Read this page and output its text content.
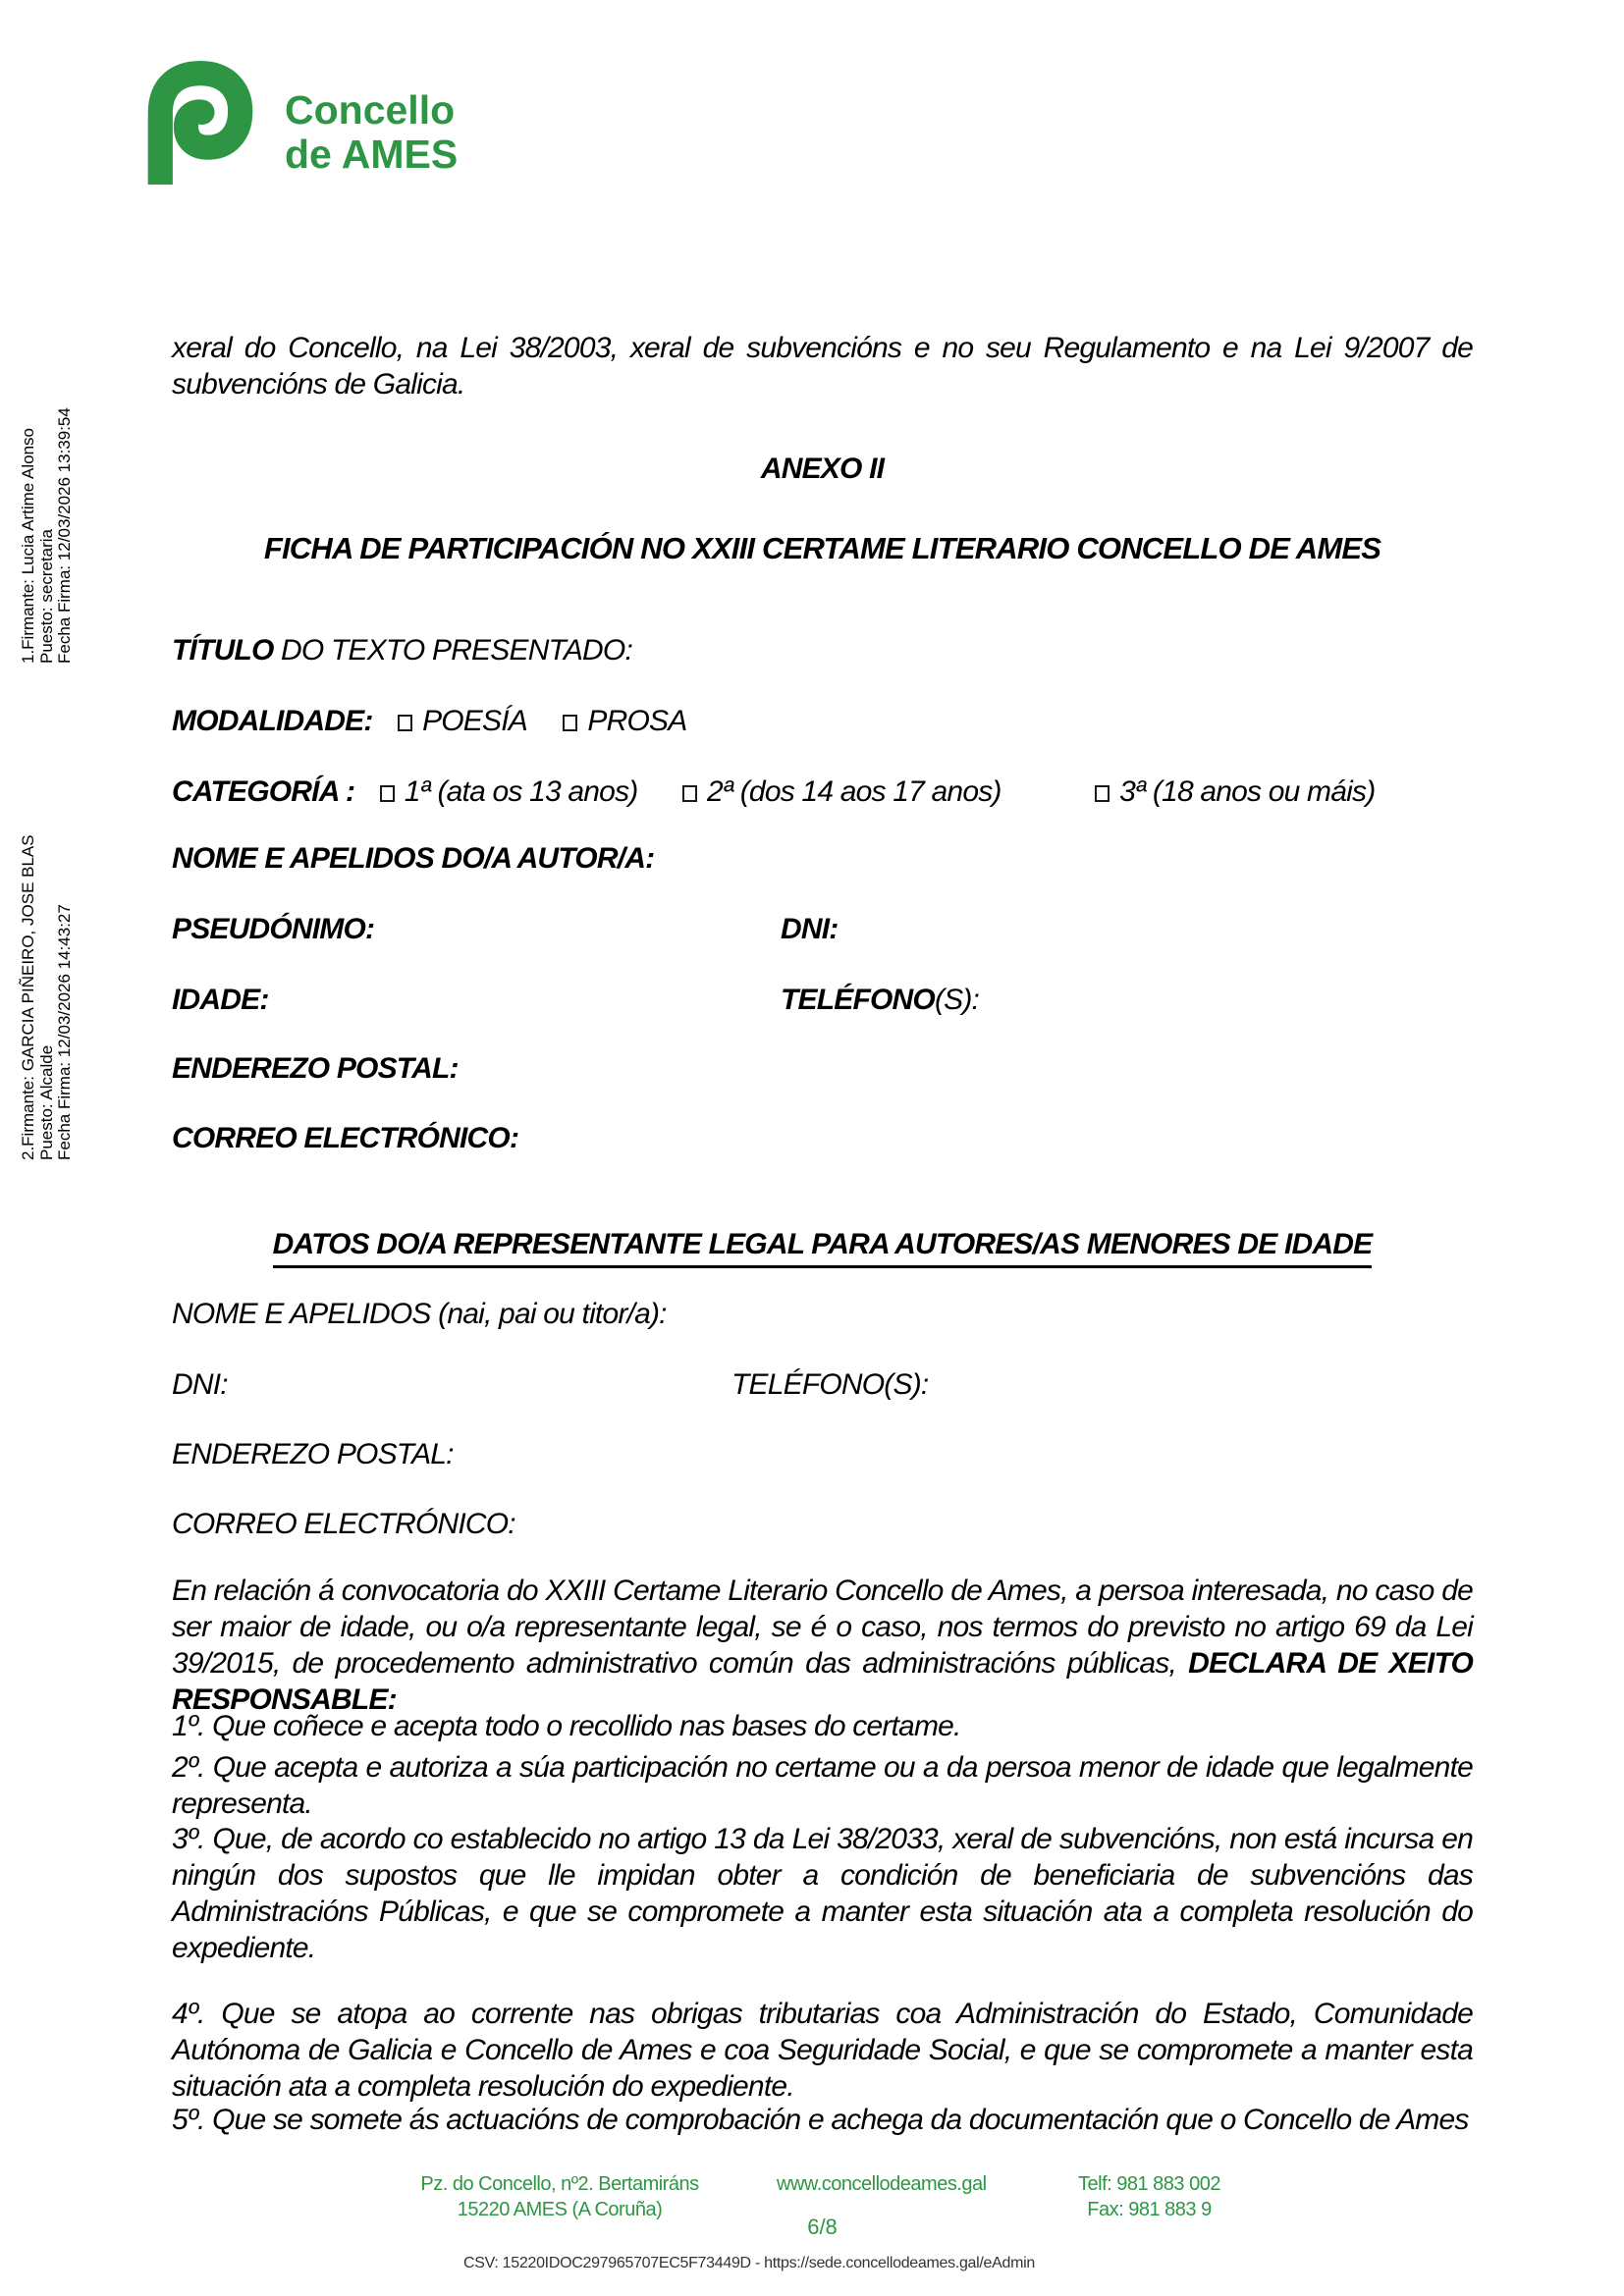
Concello
de AMES
1.Firmante: Lucia Artime Alonso Puesto: secretaria Fecha Firma: 12/03/2026 13:39:54
2.Firmante: GARCIA PIÑEIRO, JOSE BLAS Puesto: Alcalde Fecha Firma: 12/03/2026 14:43:27

xeral do Concello, na Lei 38/2003, xeral de subvencións e no seu Regulamento e na Lei 9/2007 de subvencións de Galicia.

ANEXO II
FICHA DE PARTICIPACIÓN NO XXIII CERTAME LITERARIO CONCELLO DE AMES
TÍTULO DO TEXTO PRESENTADO:
MODALIDADE: POESÍA PROSA
CATEGORÍA : 1ª (ata os 13 anos) 2ª (dos 14 aos 17 anos)	3ª (18 anos ou máis)
NOME E APELIDOS DO/A AUTOR/A:
PSEUDÓNIMO:	DNI:
IDADE:	TELÉFONO(S):
ENDEREZO POSTAL:
CORREO ELECTRÓNICO:
DATOS DO/A REPRESENTANTE LEGAL PARA AUTORES/AS MENORES DE IDADE
NOME E APELIDOS (nai, pai ou titor/a):
DNI:	TELÉFONO(S):
ENDEREZO POSTAL:
CORREO ELECTRÓNICO:

En relación á convocatoria do XXIII Certame Literario Concello de Ames, a persoa interesada, no caso de ser maior de idade, ou o/a representante legal, se é o caso, nos termos do previsto no artigo 69 da Lei 39/2015, de procedemento administrativo común das administracións públicas, DECLARA DE XEITO RESPONSABLE:

1º. Que coñece e acepta todo o recollido nas bases do certame.

2º. Que acepta e autoriza a súa participación no certame ou a da persoa menor de idade que legalmente representa.

3º. Que, de acordo co establecido no artigo 13 da Lei 38/2033, xeral de subvencións, non está incursa en ningún dos supostos que lle impidan obter a condición de beneficiaria de subvencións das Administracións Públicas, e que se compromete a manter esta situación ata a completa resolución do expediente.

4º. Que se atopa ao corrente nas obrigas tributarias coa Administración do Estado, Comunidade Autónoma de Galicia e Concello de Ames e coa Seguridade Social, e que se compromete a manter esta situación ata a completa resolución do expediente.

5º. Que se somete ás actuacións de comprobación e achega da documentación que o Concello de Ames

Pz. do Concello, nº2. Bertamiráns
15220 AMES (A Coruña)
www.concellodeames.gal	Telf: 981 883 002
Fax: 981 883 9
6/8
CSV: 15220IDOC297965707EC5F73449D - https://sede.concellodeames.gal/eAdmin
